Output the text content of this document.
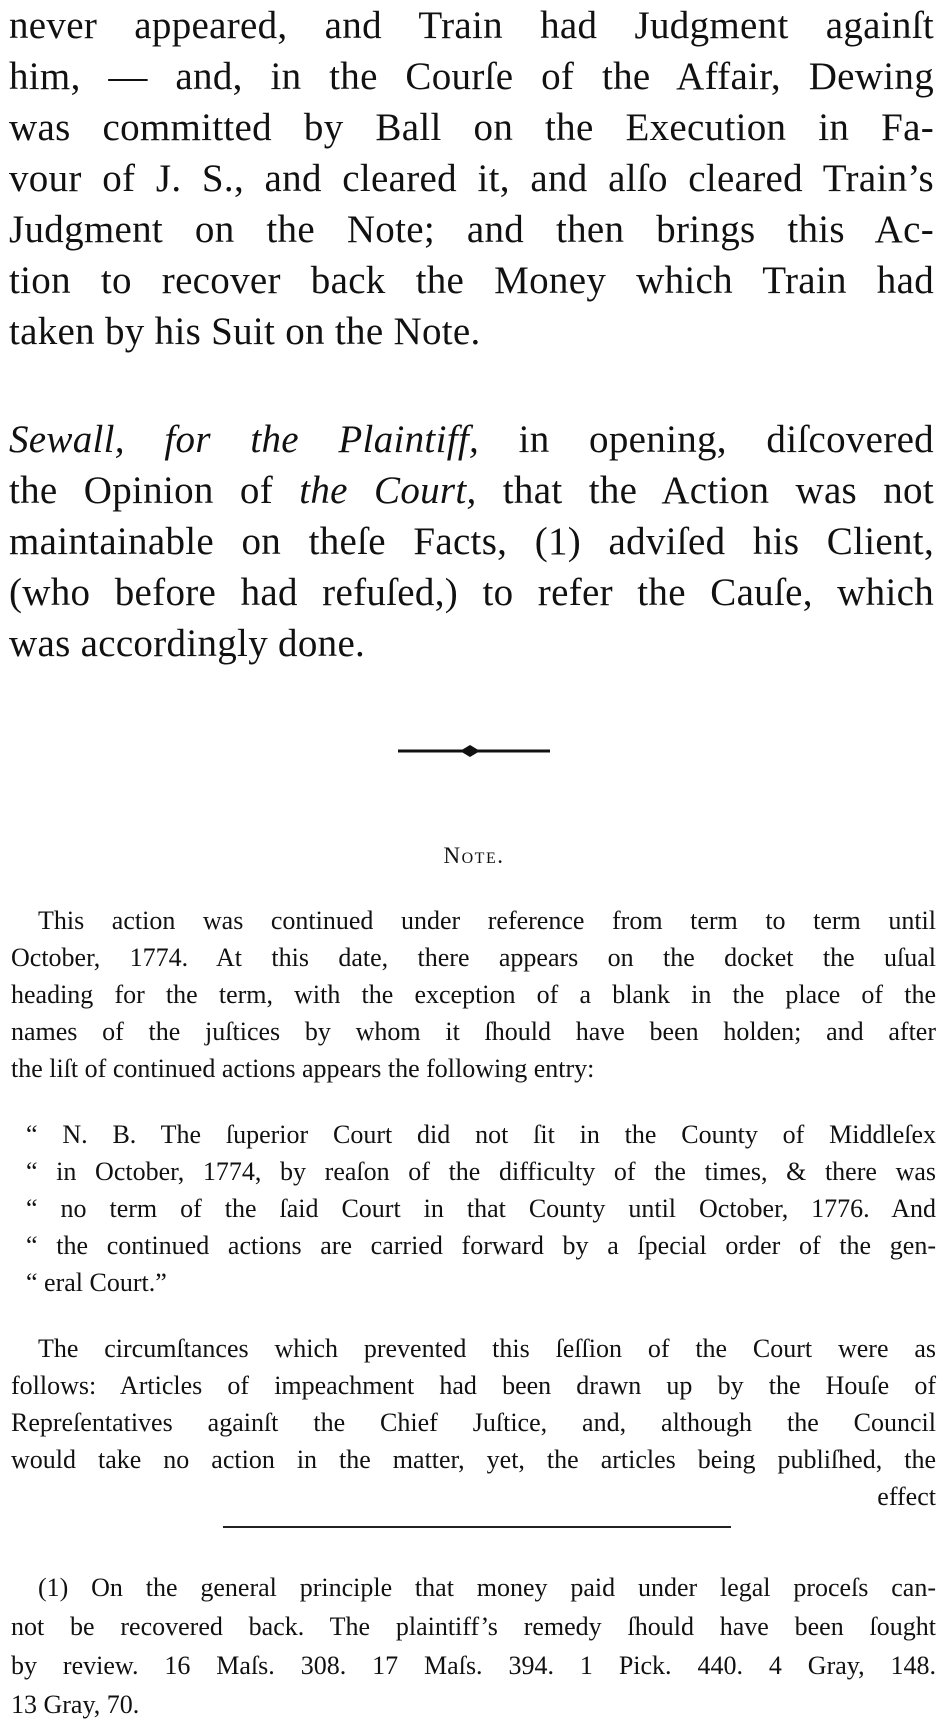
never appeared, and Train had Judgment againſt
him, — and, in the Courſe of the Affair, Dewing
was committed by Ball on the Execution in Fa-
vour of J. S., and cleared it, and alſo cleared Train’s
Judgment on the Note; and then brings this Ac-
tion to recover back the Money which Train had
taken by his Suit on the Note.
Sewall, for the Plaintiff, in opening, diſcovered
the Opinion of the Court, that the Action was not
maintainable on theſe Facts, (1) adviſed his Client,
(who before had refuſed,) to refer the Cauſe, which
was accordingly done.
Note.
This action was continued under reference from term to term until
October, 1774. At this date, there appears on the docket the uſual
heading for the term, with the exception of a blank in the place of the
names of the juſtices by whom it ſhould have been holden; and after
the liſt of continued actions appears the following entry:
“ N. B. The ſuperior Court did not ſit in the County of Middleſex
“ in October, 1774, by reaſon of the difficulty of the times, & there was
“ no term of the ſaid Court in that County until October, 1776. And
“ the continued actions are carried forward by a ſpecial order of the gen-
“ eral Court.”
The circumſtances which prevented this ſeſſion of the Court were as
follows: Articles of impeachment had been drawn up by the Houſe of
Repreſentatives againſt the Chief Juſtice, and, although the Council
would take no action in the matter, yet, the articles being publiſhed, the
effect
(1) On the general principle that money paid under legal proceſs can-
not be recovered back. The plaintiff’s remedy ſhould have been ſought
by review. 16 Maſs. 308. 17 Maſs. 394. 1 Pick. 440. 4 Gray, 148.
13 Gray, 70.
